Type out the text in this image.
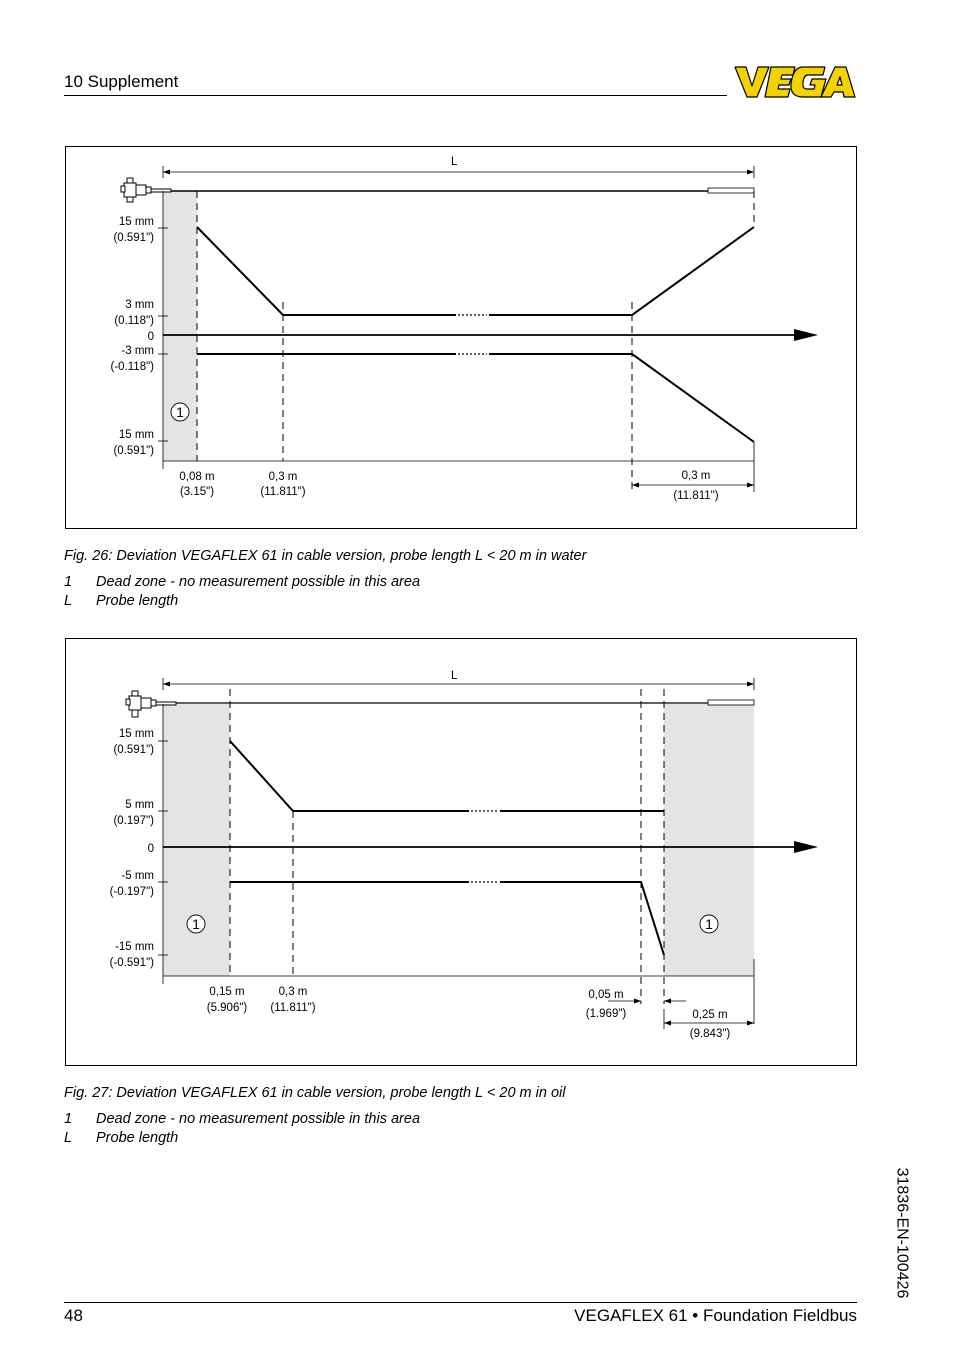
10 Supplement
L
1
15 mm
(0.591")
3 mm
(0.118")
0
-3 mm
(-0.118")
15 mm
(0.591")
0,08 m
(3.15")
0,3 m
(11.811")
0,3 m
(11.811")
Fig. 26: Deviation VEGAFLEX 61 in cable version, probe length L < 20 m in water
1 Dead zone - no measurement possible in this area
L Probe length
L
1	1
15 mm
(0.591")
5 mm
(0.197")
0
-5 mm
(-0.197")
-15 mm
(-0.591")
0,15 m
(5.906")
0,3 m
(11.811")
0,05 m
(1.969")	0,25 m
(9.843")
Fig. 27: Deviation VEGAFLEX 61 in cable version, probe length L < 20 m in oil
1 Dead zone - no measurement possible in this area
L Probe length
31836-EN-100426
48	VEGAFLEX 61 • Foundation Fieldbus
